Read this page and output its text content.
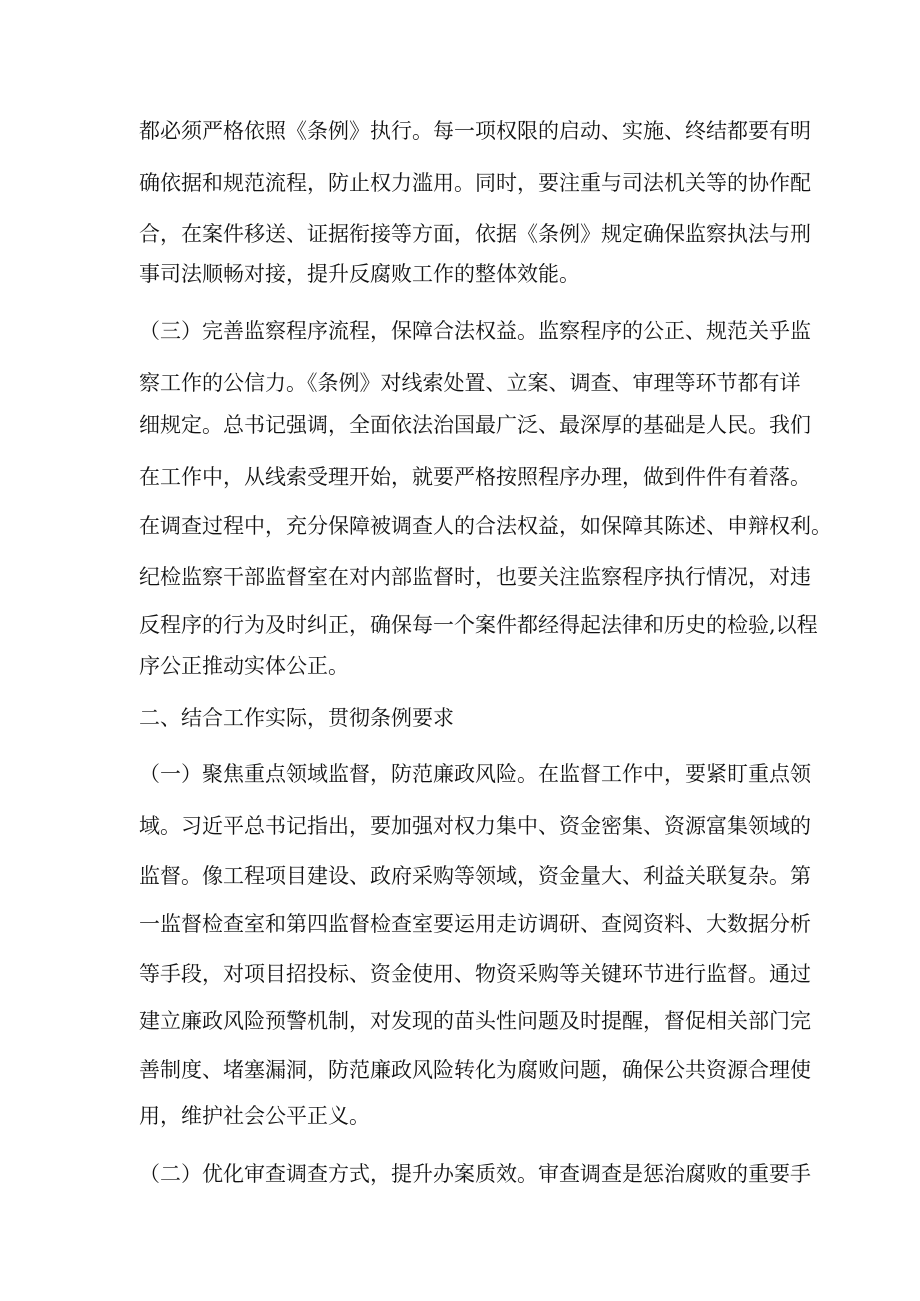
都必须严格依照《条例》执行。每一项权限的启动、实施、终结都要有明
确依据和规范流程，防止权力滥用。同时，要注重与司法机关等的协作配
合，在案件移送、证据衔接等方面，依据《条例》规定确保监察执法与刑
事司法顺畅对接，提升反腐败工作的整体效能。
（三）完善监察程序流程，保障合法权益。监察程序的公正、规范关乎监
察工作的公信力。《条例》对线索处置、立案、调查、审理等环节都有详
细规定。总书记强调，全面依法治国最广泛、最深厚的基础是人民。我们
在工作中，从线索受理开始，就要严格按照程序办理，做到件件有着落。
在调查过程中，充分保障被调查人的合法权益，如保障其陈述、申辩权利。
纪检监察干部监督室在对内部监督时，也要关注监察程序执行情况，对违
反程序的行为及时纠正，确保每一个案件都经得起法律和历史的检验,以程
序公正推动实体公正。
二、结合工作实际，贯彻条例要求
（一）聚焦重点领域监督，防范廉政风险。在监督工作中，要紧盯重点领
域。习近平总书记指出，要加强对权力集中、资金密集、资源富集领域的
监督。像工程项目建设、政府采购等领域，资金量大、利益关联复杂。第
一监督检查室和第四监督检查室要运用走访调研、查阅资料、大数据分析
等手段，对项目招投标、资金使用、物资采购等关键环节进行监督。通过
建立廉政风险预警机制，对发现的苗头性问题及时提醒，督促相关部门完
善制度、堵塞漏洞，防范廉政风险转化为腐败问题，确保公共资源合理使
用，维护社会公平正义。
（二）优化审查调查方式，提升办案质效。审查调查是惩治腐败的重要手
